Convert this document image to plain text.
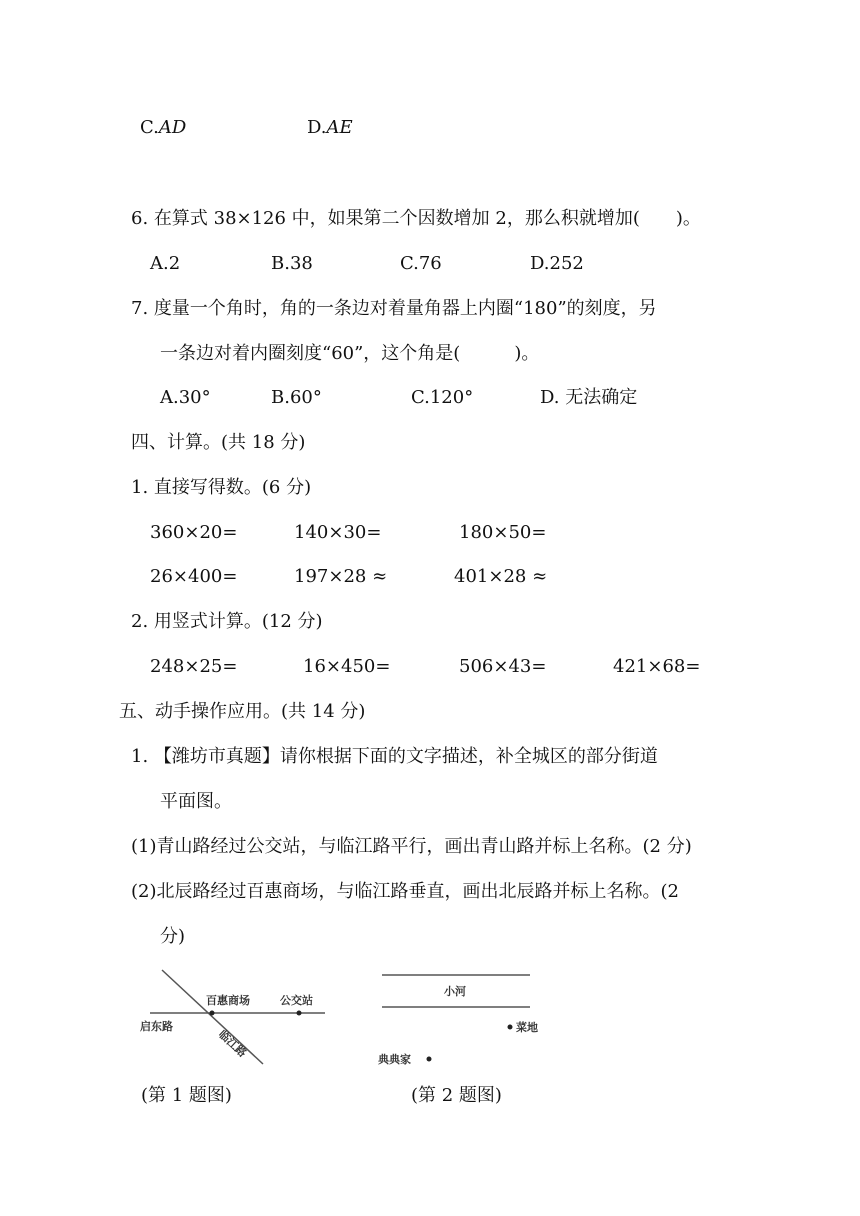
C.AD	D.AE
6. 在算式 38×126 中，如果第二个因数增加 2，那么积就增加(　　)。
A.2	B.38	C.76	D.252
7. 度量一个角时，角的一条边对着量角器上内圈“180”的刻度，另
一条边对着内圈刻度“60”，这个角是(　　　)。
A.30°	B.60°	C.120°	D. 无法确定
四、计算。(共 18 分)
1. 直接写得数。(6 分)
360×20=	140×30=	180×50=
26×400=	197×28 ≈	401×28 ≈
2. 用竖式计算。(12 分)
248×25=	16×450=	506×43=	421×68=
五、动手操作应用。(共 14 分)
1. 【潍坊市真题】请你根据下面的文字描述，补全城区的部分街道
平面图。
(1)青山路经过公交站，与临江路平行，画出青山路并标上名称。(2 分)
(2)北辰路经过百惠商场，与临江路垂直，画出北辰路并标上名称。(2
分)
百惠商场	公交站
启东路
临江路
(第 1 题图)
小河
菜地
典典家
(第 2 题图)
